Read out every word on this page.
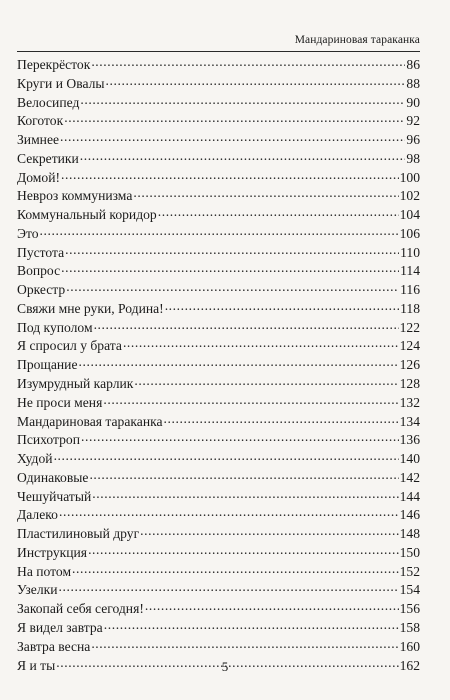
Мандариновая тараканка
Перекрёсток .....	86
Круги и Овалы .....	88
Велосипед .....	90
Коготок .....	92
Зимнее .....	96
Секретики .....	98
Домой! .....	100
Невроз коммунизма .....	102
Коммунальный коридор .....	104
Это .....	106
Пустота .....	110
Вопрос .....	114
Оркестр .....	116
Свяжи мне руки, Родина! .....	118
Под куполом .....	122
Я спросил у брата .....	124
Прощание .....	126
Изумрудный карлик .....	128
Не проси меня .....	132
Мандариновая тараканка .....	134
Психотроп .....	136
Худой .....	140
Одинаковые .....	142
Чешуйчатый .....	144
Далеко .....	146
Пластилиновый друг .....	148
Инструкция .....	150
На потом .....	152
Узелки .....	154
Закопай себя сегодня! .....	156
Я видел завтра .....	158
Завтра весна .....	160
Я и ты .....	162
5
